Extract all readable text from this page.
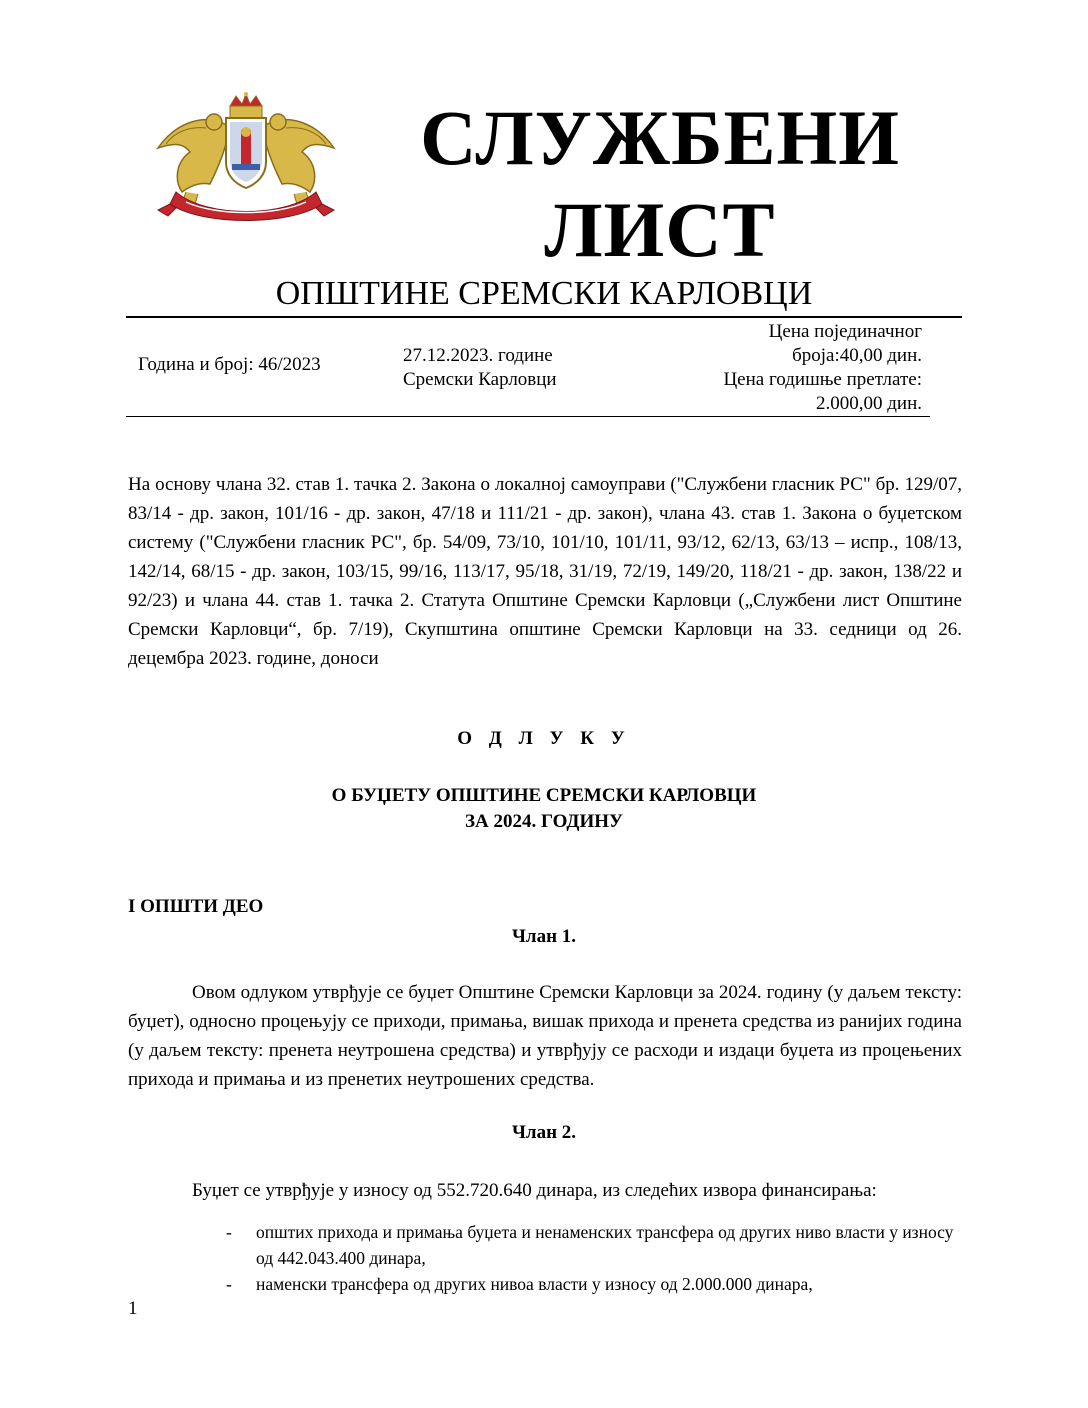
СЛУЖБЕНИ
ЛИСТ
ОПШТИНЕ СРЕМСКИ КАРЛОВЦИ
Година и број: 46/2023	27.12.2023. године
Сремски Карловци
Цена појединачног
броја:40,00 дин.
Цена годишње претлате:
2.000,00 дин.
На основу члана 32. став 1. тачка 2. Закона о локалној самоуправи ("Службени гласник РС" бр. 129/07, 83/14 - др. закон, 101/16 - др. закон, 47/18 и 111/21 - др. закон), члана 43. став 1. Закона о буџетском систему ("Службени гласник РС", бр. 54/09, 73/10, 101/10, 101/11, 93/12, 62/13, 63/13 – испр., 108/13, 142/14, 68/15 - др. закон, 103/15, 99/16, 113/17, 95/18, 31/19, 72/19, 149/20, 118/21 - др. закон, 138/22 и 92/23) и члана 44. став 1. тачка 2. Статута Општине Сремски Карловци („Службени лист Општине Сремски Карловци“, бр. 7/19), Скупштина општине Сремски Карловци на 33. седници од 26. децембра 2023. године, доноси
О Д Л У К У
О БУЏЕТУ ОПШТИНЕ СРЕМСКИ КАРЛОВЦИ
ЗА 2024. ГОДИНУ
I ОПШТИ ДЕО
Члан 1.
Овом одлуком утврђује се буџет Општине Сремски Карловци за 2024. годину (у даљем тексту: буџет), односно процењују се приходи, примања, вишак прихода и пренета средства из ранијих година (у даљем тексту: пренета неутрошена средства) и утврђују се расходи и издаци буџета из процењених прихода и примања и из пренетих неутрошених средства.
Члан 2.
Буџет се утврђује у износу од 552.720.640 динара, из следећих извора финансирања:
- општих прихода и примања буџета и ненаменских трансфера од других ниво власти у износу од 442.043.400 динара,
- наменски трансфера од других нивоа власти у износу од 2.000.000 динара,
1
